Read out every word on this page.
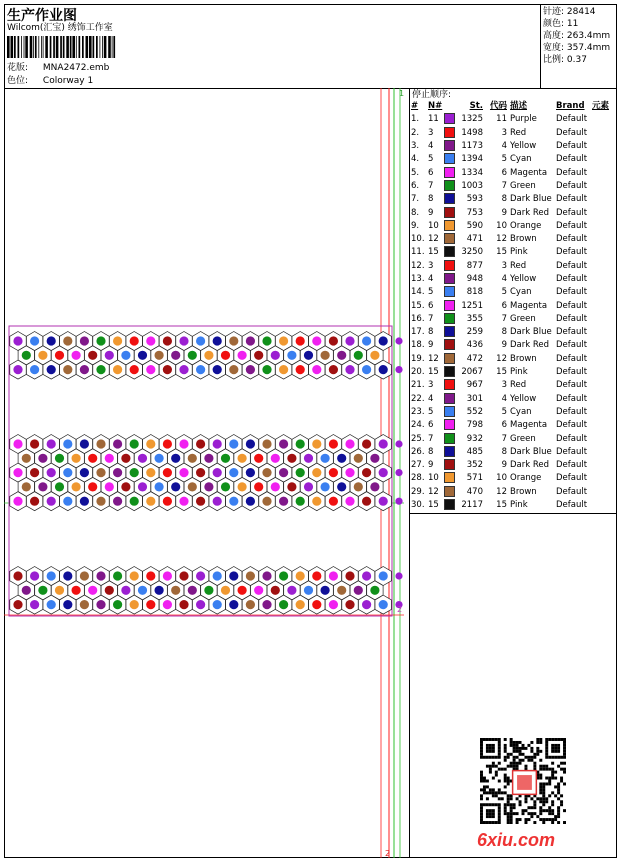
生产作业图
Wilcom(汇宝) 绣饰工作室
花版: MNA2472.emb
色位: Colorway 1
针迹: 28414
颜色: 11
高度: 263.4mm
宽度: 357.4mm
比例: 0.37
停止顺序:
#	N#		St.	代码	描述	Brand	元素
1.	11		1325	11	Purple	Default	
2.	3		1498	3	Red	Default	
3.	4		1173	4	Yellow	Default	
4.	5		1394	5	Cyan	Default	
5.	6		1334	6	Magenta	Default	
6.	7		1003	7	Green	Default	
7.	8		593	8	Dark Blue	Default	
8.	9		753	9	Dark Red	Default	
9.	10		590	10	Orange	Default	
10.	12		471	12	Brown	Default	
11.	15		3250	15	Pink	Default	
12.	3		877	3	Red	Default	
13.	4		948	4	Yellow	Default	
14.	5		818	5	Cyan	Default	
15.	6		1251	6	Magenta	Default	
16.	7		355	7	Green	Default	
17.	8		259	8	Dark Blue	Default	
18.	9		436	9	Dark Red	Default	
19.	12		472	12	Brown	Default	
20.	15		2067	15	Pink	Default	
21.	3		967	3	Red	Default	
22.	4		301	4	Yellow	Default	
23.	5		552	5	Cyan	Default	
24.	6		798	6	Magenta	Default	
25.	7		932	7	Green	Default	
26.	8		485	8	Dark Blue	Default	
27.	9		352	9	Dark Red	Default	
28.	10		571	10	Orange	Default	
29.	12		470	12	Brown	Default	
30.	15		2117	15	Pink	Default	
1
2
2
6xiu.com
